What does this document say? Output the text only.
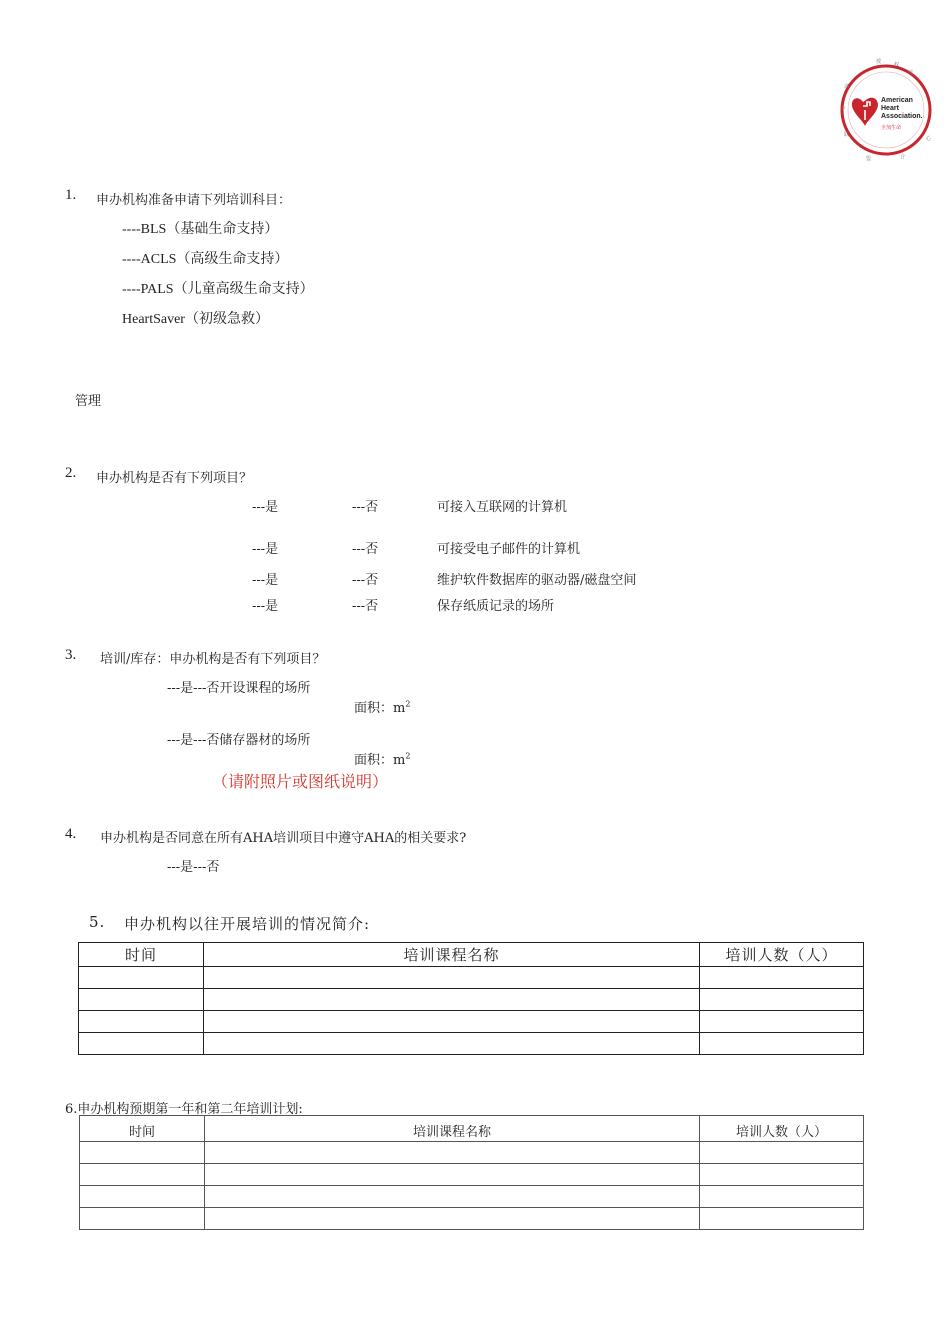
授	权
培
训
中
心
联
盟	合
American
Heart
Association.
全加生命
1. 申办机构准备申请下列培训科目：
----BLS（基础生命支持）
----ACLS（高级生命支持）
----PALS（儿童高级生命支持）
HeartSaver（初级急救）
管理
2. 申办机构是否有下列项目？
---是	---否	可接入互联网的计算机
---是	---否	可接受电子邮件的计算机
---是	---否	维护软件数据库的驱动器/磁盘空间
---是	---否	保存纸质记录的场所
3. 培训/库存：申办机构是否有下列项目？
---是---否开设课程的场所
面积：$m^2$
---是---否储存器材的场所
面积：$m^2$
（请附照片或图纸说明）
4. 申办机构是否同意在所有AHA培训项目中遵守AHA的相关要求?
---是---否
5. 申办机构以往开展培训的情况简介:
时间	培训课程名称	培训人数（人）

6.申办机构预期第一年和第二年培训计划:
时间	培训课程名称	培训人数（人）
